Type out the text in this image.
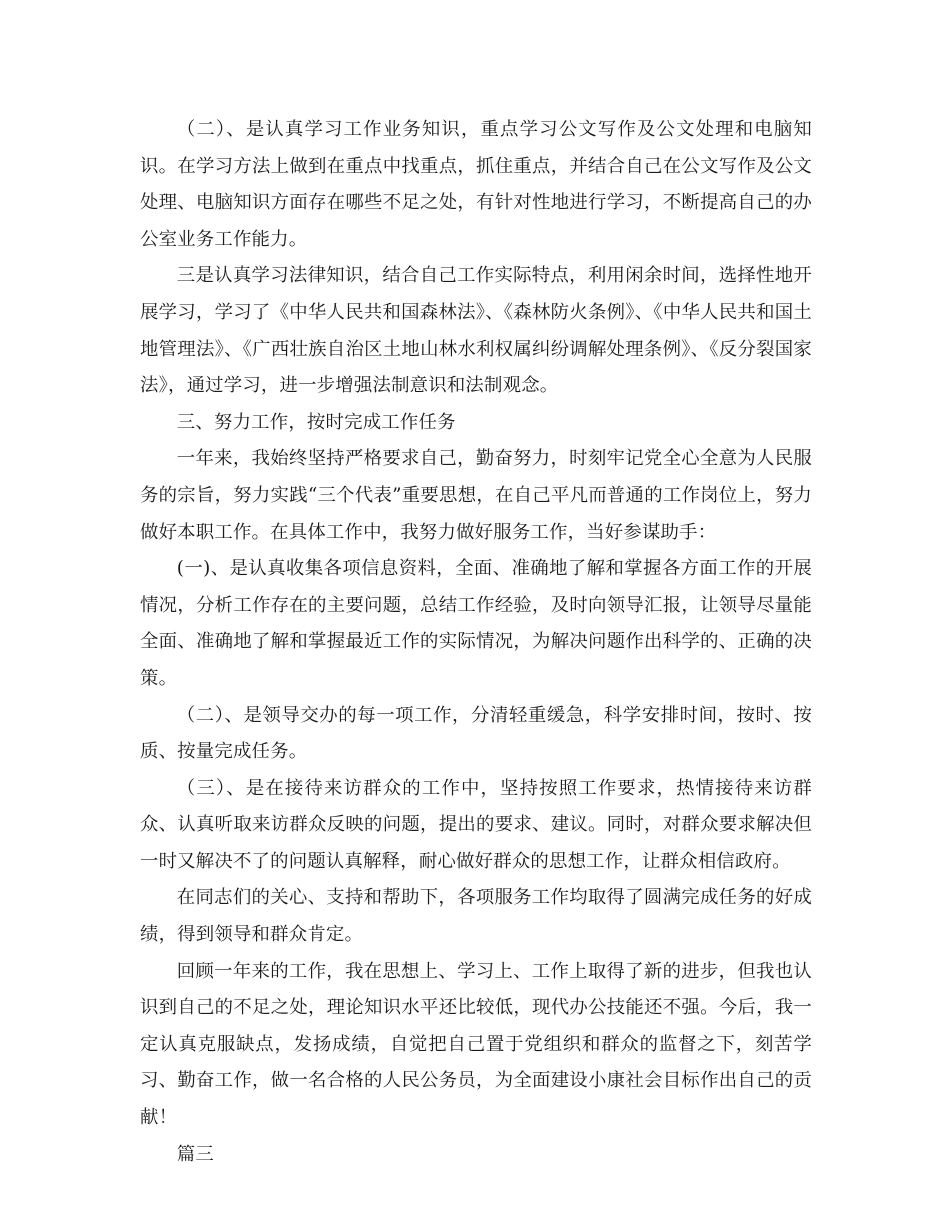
（二）、是认真学习工作业务知识，重点学习公文写作及公文处理和电脑知识。在学习方法上做到在重点中找重点，抓住重点，并结合自己在公文写作及公文处理、电脑知识方面存在哪些不足之处，有针对性地进行学习，不断提高自己的办公室业务工作能力。

三是认真学习法律知识，结合自己工作实际特点，利用闲余时间，选择性地开展学习，学习了《中华人民共和国森林法》、《森林防火条例》、《中华人民共和国土地管理法》、《广西壮族自治区土地山林水利权属纠纷调解处理条例》、《反分裂国家法》，通过学习，进一步增强法制意识和法制观念。

三、努力工作，按时完成工作任务

一年来，我始终坚持严格要求自己，勤奋努力，时刻牢记党全心全意为人民服务的宗旨，努力实践“三个代表”重要思想，在自己平凡而普通的工作岗位上，努力做好本职工作。在具体工作中，我努力做好服务工作，当好参谋助手：

(一)、是认真收集各项信息资料，全面、准确地了解和掌握各方面工作的开展情况，分析工作存在的主要问题，总结工作经验，及时向领导汇报，让领导尽量能全面、准确地了解和掌握最近工作的实际情况，为解决问题作出科学的、正确的决策。

（二）、是领导交办的每一项工作，分清轻重缓急，科学安排时间，按时、按质、按量完成任务。

（三）、是在接待来访群众的工作中，坚持按照工作要求，热情接待来访群众、认真听取来访群众反映的问题，提出的要求、建议。同时，对群众要求解决但一时又解决不了的问题认真解释，耐心做好群众的思想工作，让群众相信政府。

在同志们的关心、支持和帮助下，各项服务工作均取得了圆满完成任务的好成绩，得到领导和群众肯定。

回顾一年来的工作，我在思想上、学习上、工作上取得了新的进步，但我也认识到自己的不足之处，理论知识水平还比较低，现代办公技能还不强。今后，我一定认真克服缺点，发扬成绩，自觉把自己置于党组织和群众的监督之下，刻苦学习、勤奋工作，做一名合格的人民公务员，为全面建设小康社会目标作出自己的贡献！

篇三
